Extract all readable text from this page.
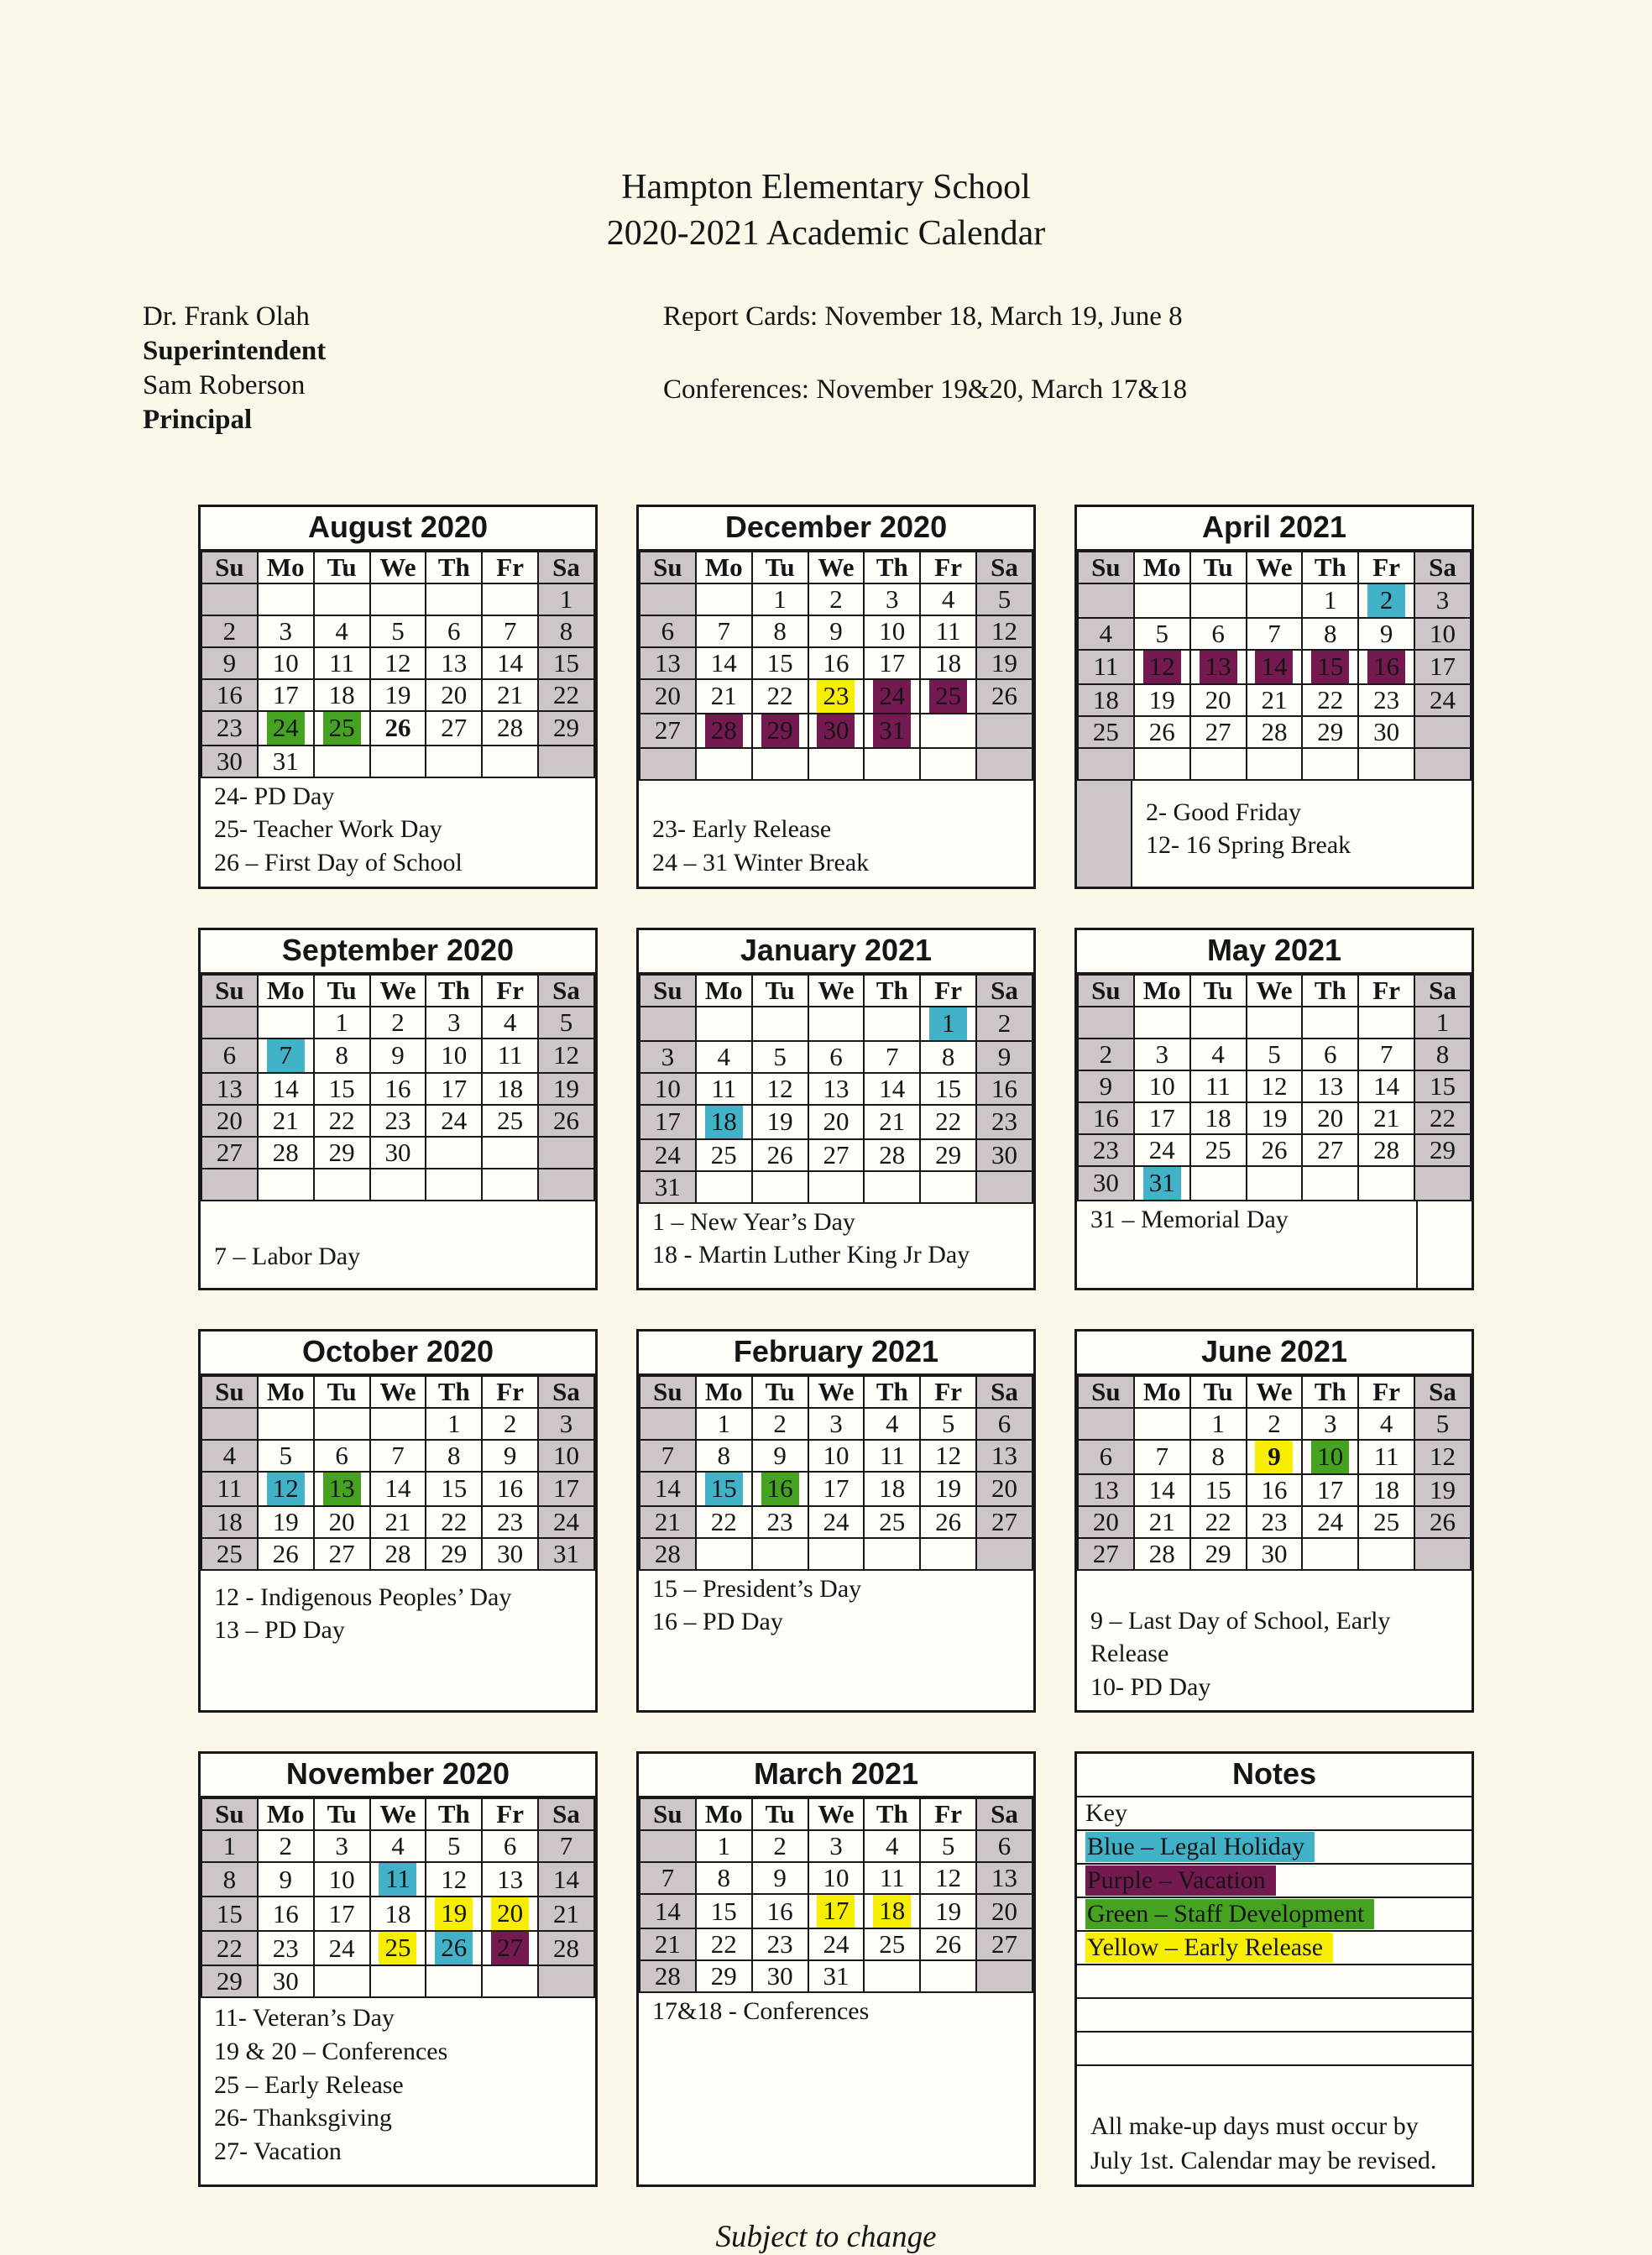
Hampton Elementary School
2020-2021 Academic Calendar
Dr. Frank Olah
Superintendent
Sam Roberson
Principal
Report Cards: November 18, March 19, June 8
Conferences: November 19&20, March 17&18
August 2020
Su	Mo	Tu	We	Th	Fr	Sa
						1
2	3	4	5	6	7	8
9	10	11	12	13	14	15
16	17	18	19	20	21	22
23	24	25	26	27	28	29
30	31					
24- PD Day
25- Teacher Work Day
26 – First Day of School
December 2020
Su	Mo	Tu	We	Th	Fr	Sa
		1	2	3	4	5
6	7	8	9	10	11	12
13	14	15	16	17	18	19
20	21	22	23	24	25	26
27	28	29	30	31		

23- Early Release
24 – 31 Winter Break
April 2021
Su	Mo	Tu	We	Th	Fr	Sa
				1	2	3
4	5	6	7	8	9	10
11	12	13	14	15	16	17
18	19	20	21	22	23	24
25	26	27	28	29	30	

2- Good Friday
12- 16 Spring Break
September 2020
Su	Mo	Tu	We	Th	Fr	Sa
		1	2	3	4	5
6	7	8	9	10	11	12
13	14	15	16	17	18	19
20	21	22	23	24	25	26
27	28	29	30			

7 – Labor Day
January 2021
Su	Mo	Tu	We	Th	Fr	Sa
					1	2
3	4	5	6	7	8	9
10	11	12	13	14	15	16
17	18	19	20	21	22	23
24	25	26	27	28	29	30
31						
1 – New Year’s Day
18 - Martin Luther King Jr Day
May 2021
Su	Mo	Tu	We	Th	Fr	Sa
						1
2	3	4	5	6	7	8
9	10	11	12	13	14	15
16	17	18	19	20	21	22
23	24	25	26	27	28	29
30	31					
31 – Memorial Day
October 2020
Su	Mo	Tu	We	Th	Fr	Sa
				1	2	3
4	5	6	7	8	9	10
11	12	13	14	15	16	17
18	19	20	21	22	23	24
25	26	27	28	29	30	31
12 - Indigenous Peoples’ Day
13 – PD Day
February 2021
Su	Mo	Tu	We	Th	Fr	Sa
	1	2	3	4	5	6
7	8	9	10	11	12	13
14	15	16	17	18	19	20
21	22	23	24	25	26	27
28						
15 – President’s Day
16 – PD Day
June 2021
Su	Mo	Tu	We	Th	Fr	Sa
		1	2	3	4	5
6	7	8	9	10	11	12
13	14	15	16	17	18	19
20	21	22	23	24	25	26
27	28	29	30			
9 – Last Day of School, Early Release
10- PD Day
November 2020
Su	Mo	Tu	We	Th	Fr	Sa
1	2	3	4	5	6	7
8	9	10	11	12	13	14
15	16	17	18	19	20	21
22	23	24	25	26	27	28
29	30					
11- Veteran’s Day
19 & 20 – Conferences
25 – Early Release
26- Thanksgiving
27- Vacation
March 2021
Su	Mo	Tu	We	Th	Fr	Sa
	1	2	3	4	5	6
7	8	9	10	11	12	13
14	15	16	17	18	19	20
21	22	23	24	25	26	27
28	29	30	31			
17&18 - Conferences
Notes
Key
Blue – Legal Holiday
Purple – Vacation
Green – Staff Development
Yellow – Early Release
All make-up days must occur by July 1st. Calendar may be revised.
Subject to change
